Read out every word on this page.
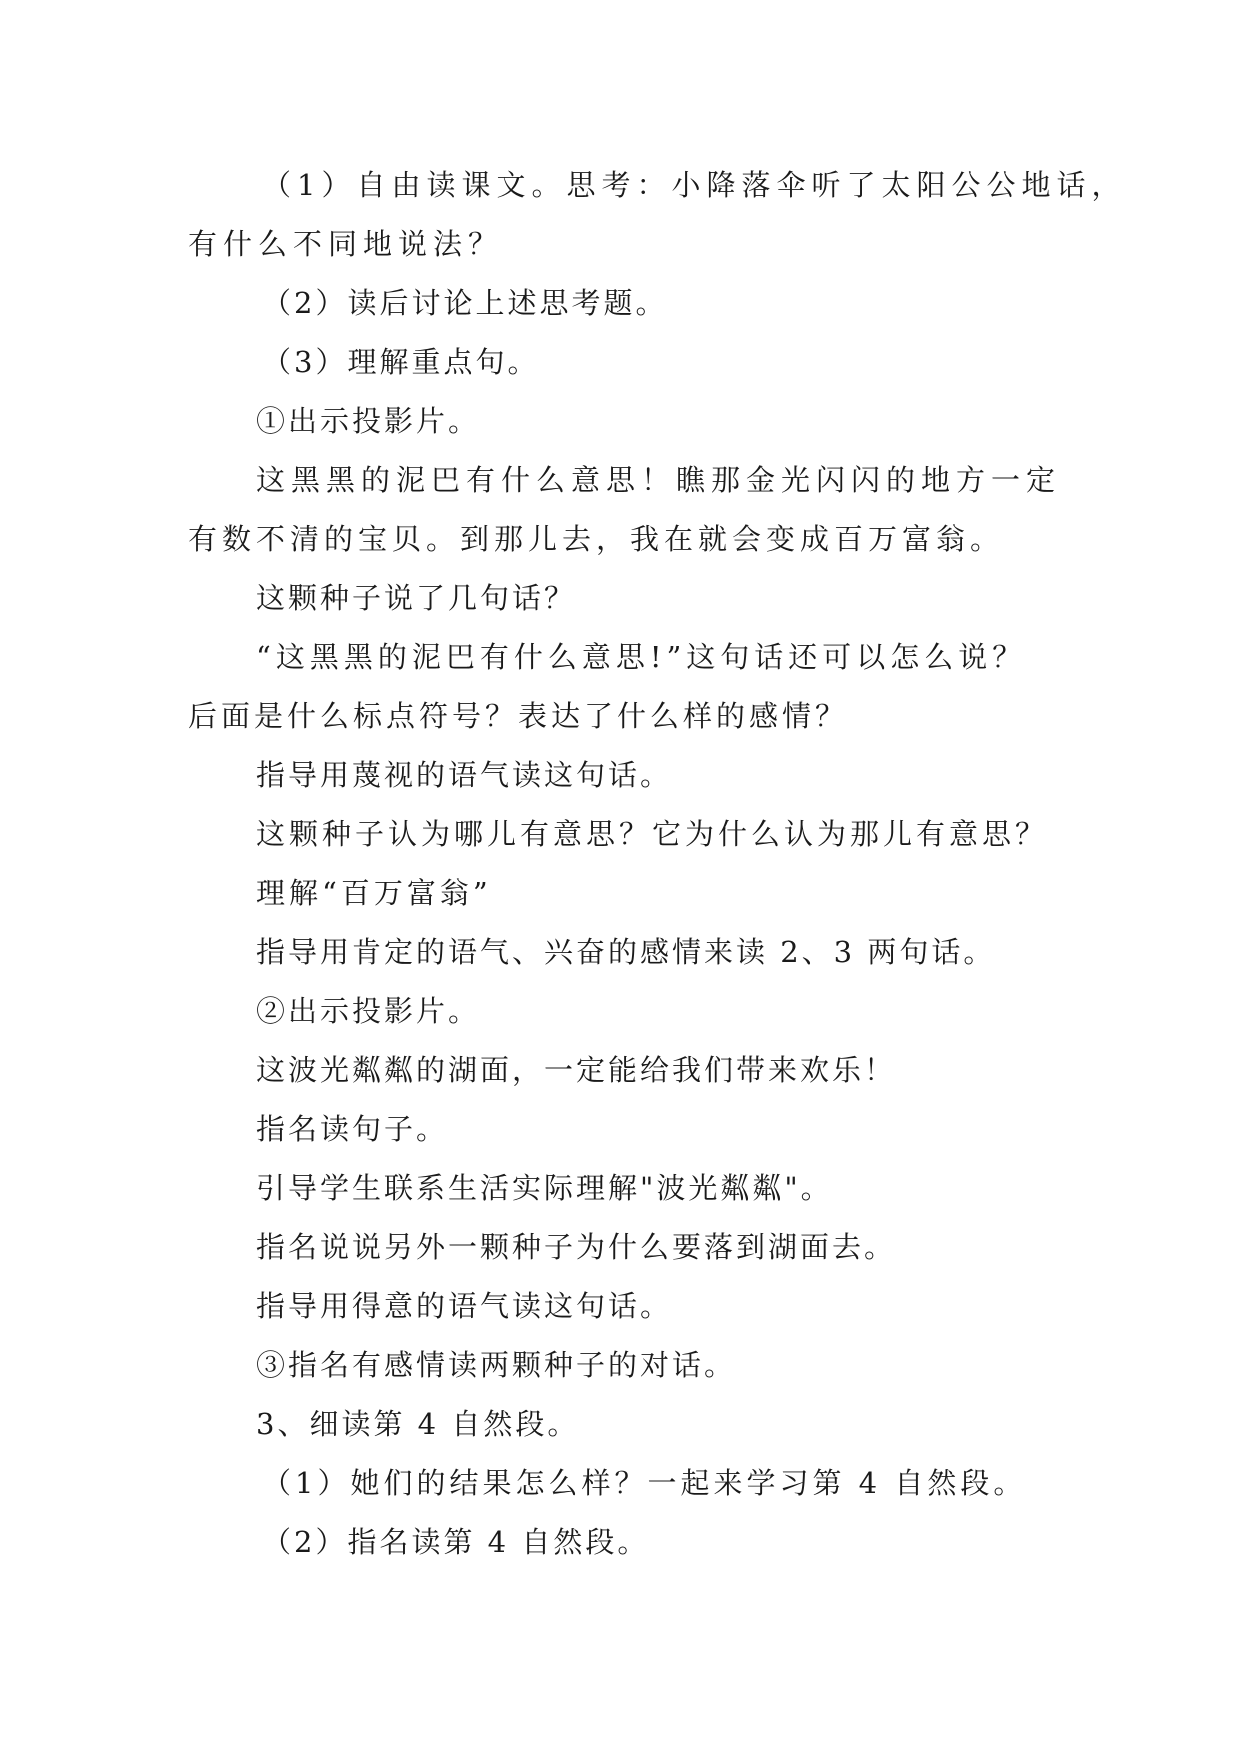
（1）自由读课文。思考：小降落伞听了太阳公公地话，

有什么不同地说法？

（2）读后讨论上述思考题。

（3）理解重点句。

①出示投影片。

这黑黑的泥巴有什么意思！瞧那金光闪闪的地方一定

有数不清的宝贝。到那儿去，我在就会变成百万富翁。

这颗种子说了几句话？

“这黑黑的泥巴有什么意思!”这句话还可以怎么说？

后面是什么标点符号？表达了什么样的感情？

指导用蔑视的语气读这句话。

这颗种子认为哪儿有意思？它为什么认为那儿有意思？

理解“百万富翁”

指导用肯定的语气、兴奋的感情来读 2、3 两句话。

②出示投影片。

这波光粼粼的湖面，一定能给我们带来欢乐！

指名读句子。

引导学生联系生活实际理解"波光粼粼"。

指名说说另外一颗种子为什么要落到湖面去。

指导用得意的语气读这句话。

③指名有感情读两颗种子的对话。

3、细读第 4 自然段。

（1）她们的结果怎么样？一起来学习第 4 自然段。

（2）指名读第 4 自然段。
